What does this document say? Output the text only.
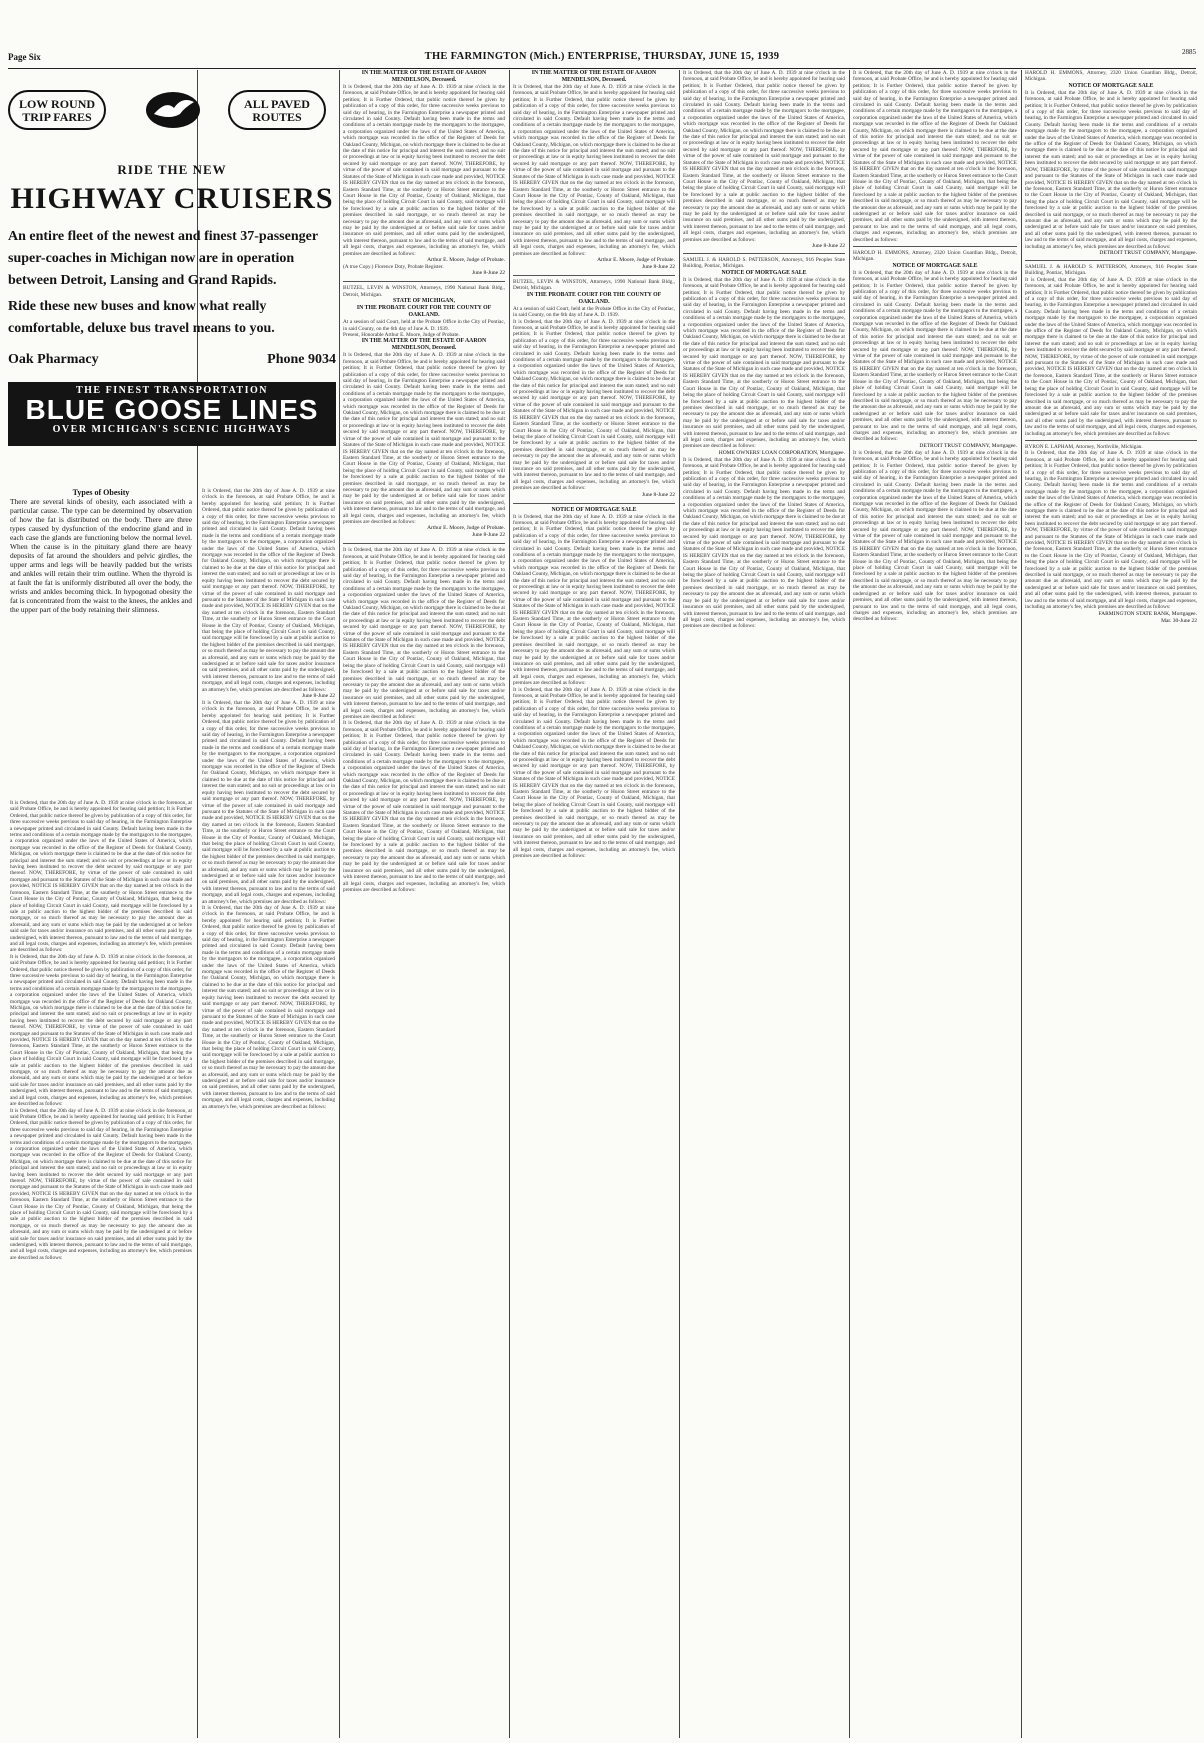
Page Six	THE FARMINGTON (Mich.) ENTERPRISE, THURSDAY, JUNE 15, 1939	2885
LOW ROUND TRIP FARES
ALL PAVED ROUTES
RIDE THE NEW
HIGHWAY CRUISERS
An entire fleet of the newest and finest 37-passenger super-coaches in Michigan now are in operation between Detroit, Lansing and Grand Rapids.
Ride these new buses and know what really comfortable, deluxe bus travel means to you.
Oak Pharmacy	Phone 9034
THE FINEST TRANSPORTATION
BLUE GOOSE LINES
OVER MICHIGAN'S SCENIC HIGHWAYS
Types of Obesity
There are several kinds of obesity, each associated with a particular cause. The type can be determined by observation of how the fat is distributed on the body. There are three types caused by dysfunction of the endocrine gland and in each case the glands are functioning below the normal level. When the cause is in the pituitary gland there are heavy deposits of fat around the shoulders and pelvic girdles, the upper arms and legs will be heavily padded but the wrists and ankles will retain their trim outline. When the thyroid is at fault the fat is uniformly distributed all over the body, the wrists and ankles becoming thick. In hypogonad obesity the fat is concentrated from the waist to the knees, the ankles and the upper part of the body retaining their slimness.
It is Ordered, that the 20th day of June A. D. 1939 at nine o'clock in the forenoon, at said Probate Office, be and is hereby appointed for hearing said petition; It is Further Ordered, that public notice thereof be given by publication of a copy of this order, for three successive weeks previous to said day of hearing, in the Farmington Enterprise a newspaper printed and circulated in said County. Default having been made in the terms and conditions of a certain mortgage made by the mortgagors to the mortgagee, a corporation organized under the laws of the United States of America, which mortgage was recorded in the office of the Register of Deeds for Oakland County, Michigan, on which mortgage there is claimed to be due at the date of this notice for principal and interest the sum stated; and no suit or proceedings at law or in equity having been instituted to recover the debt secured by said mortgage or any part thereof. NOW, THEREFORE, by virtue of the power of sale contained in said mortgage and pursuant to the Statutes of the State of Michigan in such case made and provided, NOTICE IS HEREBY GIVEN that on the day named at ten o'clock in the forenoon, Eastern Standard Time, at the southerly or Huron Street entrance to the Court House in the City of Pontiac, County of Oakland, Michigan, that being the place of holding Circuit Court in said County, said mortgage will be foreclosed by a sale at public auction to the highest bidder of the premises described in said mortgage, or so much thereof as may be necessary to pay the amount due as aforesaid, and any sum or sums which may be paid by the undersigned at or before said sale for taxes and/or insurance on said premises, and all other sums paid by the undersigned, with interest thereon, pursuant to law and to the terms of said mortgage, and all legal costs, charges and expenses, including an attorney's fee, which premises are described as follows:
It is Ordered, that the 20th day of June A. D. 1939 at nine o'clock in the forenoon, at said Probate Office, be and is hereby appointed for hearing said petition; It is Further Ordered, that public notice thereof be given by publication of a copy of this order, for three successive weeks previous to said day of hearing, in the Farmington Enterprise a newspaper printed and circulated in said County. Default having been made in the terms and conditions of a certain mortgage made by the mortgagors to the mortgagee, a corporation organized under the laws of the United States of America, which mortgage was recorded in the office of the Register of Deeds for Oakland County, Michigan, on which mortgage there is claimed to be due at the date of this notice for principal and interest the sum stated; and no suit or proceedings at law or in equity having been instituted to recover the debt secured by said mortgage or any part thereof. NOW, THEREFORE, by virtue of the power of sale contained in said mortgage and pursuant to the Statutes of the State of Michigan in such case made and provided, NOTICE IS HEREBY GIVEN that on the day named at ten o'clock in the forenoon, Eastern Standard Time, at the southerly or Huron Street entrance to the Court House in the City of Pontiac, County of Oakland, Michigan, that being the place of holding Circuit Court in said County, said mortgage will be foreclosed by a sale at public auction to the highest bidder of the premises described in said mortgage, or so much thereof as may be necessary to pay the amount due as aforesaid, and any sum or sums which may be paid by the undersigned at or before said sale for taxes and/or insurance on said premises, and all other sums paid by the undersigned, with interest thereon, pursuant to law and to the terms of said mortgage, and all legal costs, charges and expenses, including an attorney's fee, which premises are described as follows:
It is Ordered, that the 20th day of June A. D. 1939 at nine o'clock in the forenoon, at said Probate Office, be and is hereby appointed for hearing said petition; It is Further Ordered, that public notice thereof be given by publication of a copy of this order, for three successive weeks previous to said day of hearing, in the Farmington Enterprise a newspaper printed and circulated in said County. Default having been made in the terms and conditions of a certain mortgage made by the mortgagors to the mortgagee, a corporation organized under the laws of the United States of America, which mortgage was recorded in the office of the Register of Deeds for Oakland County, Michigan, on which mortgage there is claimed to be due at the date of this notice for principal and interest the sum stated; and no suit or proceedings at law or in equity having been instituted to recover the debt secured by said mortgage or any part thereof. NOW, THEREFORE, by virtue of the power of sale contained in said mortgage and pursuant to the Statutes of the State of Michigan in such case made and provided, NOTICE IS HEREBY GIVEN that on the day named at ten o'clock in the forenoon, Eastern Standard Time, at the southerly or Huron Street entrance to the Court House in the City of Pontiac, County of Oakland, Michigan, that being the place of holding Circuit Court in said County, said mortgage will be foreclosed by a sale at public auction to the highest bidder of the premises described in said mortgage, or so much thereof as may be necessary to pay the amount due as aforesaid, and any sum or sums which may be paid by the undersigned at or before said sale for taxes and/or insurance on said premises, and all other sums paid by the undersigned, with interest thereon, pursuant to law and to the terms of said mortgage, and all legal costs, charges and expenses, including an attorney's fee, which premises are described as follows:
It is Ordered, that the 20th day of June A. D. 1939 at nine o'clock in the forenoon, at said Probate Office, be and is hereby appointed for hearing said petition; It is Further Ordered, that public notice thereof be given by publication of a copy of this order, for three successive weeks previous to said day of hearing, in the Farmington Enterprise a newspaper printed and circulated in said County. Default having been made in the terms and conditions of a certain mortgage made by the mortgagors to the mortgagee, a corporation organized under the laws of the United States of America, which mortgage was recorded in the office of the Register of Deeds for Oakland County, Michigan, on which mortgage there is claimed to be due at the date of this notice for principal and interest the sum stated; and no suit or proceedings at law or in equity having been instituted to recover the debt secured by said mortgage or any part thereof. NOW, THEREFORE, by virtue of the power of sale contained in said mortgage and pursuant to the Statutes of the State of Michigan in such case made and provided, NOTICE IS HEREBY GIVEN that on the day named at ten o'clock in the forenoon, Eastern Standard Time, at the southerly or Huron Street entrance to the Court House in the City of Pontiac, County of Oakland, Michigan, that being the place of holding Circuit Court in said County, said mortgage will be foreclosed by a sale at public auction to the highest bidder of the premises described in said mortgage, or so much thereof as may be necessary to pay the amount due as aforesaid, and any sum or sums which may be paid by the undersigned at or before said sale for taxes and/or insurance on said premises, and all other sums paid by the undersigned, with interest thereon, pursuant to law and to the terms of said mortgage, and all legal costs, charges and expenses, including an attorney's fee, which premises are described as follows:
June 8-June 22
It is Ordered, that the 20th day of June A. D. 1939 at nine o'clock in the forenoon, at said Probate Office, be and is hereby appointed for hearing said petition; It is Further Ordered, that public notice thereof be given by publication of a copy of this order, for three successive weeks previous to said day of hearing, in the Farmington Enterprise a newspaper printed and circulated in said County. Default having been made in the terms and conditions of a certain mortgage made by the mortgagors to the mortgagee, a corporation organized under the laws of the United States of America, which mortgage was recorded in the office of the Register of Deeds for Oakland County, Michigan, on which mortgage there is claimed to be due at the date of this notice for principal and interest the sum stated; and no suit or proceedings at law or in equity having been instituted to recover the debt secured by said mortgage or any part thereof. NOW, THEREFORE, by virtue of the power of sale contained in said mortgage and pursuant to the Statutes of the State of Michigan in such case made and provided, NOTICE IS HEREBY GIVEN that on the day named at ten o'clock in the forenoon, Eastern Standard Time, at the southerly or Huron Street entrance to the Court House in the City of Pontiac, County of Oakland, Michigan, that being the place of holding Circuit Court in said County, said mortgage will be foreclosed by a sale at public auction to the highest bidder of the premises described in said mortgage, or so much thereof as may be necessary to pay the amount due as aforesaid, and any sum or sums which may be paid by the undersigned at or before said sale for taxes and/or insurance on said premises, and all other sums paid by the undersigned, with interest thereon, pursuant to law and to the terms of said mortgage, and all legal costs, charges and expenses, including an attorney's fee, which premises are described as follows:
It is Ordered, that the 20th day of June A. D. 1939 at nine o'clock in the forenoon, at said Probate Office, be and is hereby appointed for hearing said petition; It is Further Ordered, that public notice thereof be given by publication of a copy of this order, for three successive weeks previous to said day of hearing, in the Farmington Enterprise a newspaper printed and circulated in said County. Default having been made in the terms and conditions of a certain mortgage made by the mortgagors to the mortgagee, a corporation organized under the laws of the United States of America, which mortgage was recorded in the office of the Register of Deeds for Oakland County, Michigan, on which mortgage there is claimed to be due at the date of this notice for principal and interest the sum stated; and no suit or proceedings at law or in equity having been instituted to recover the debt secured by said mortgage or any part thereof. NOW, THEREFORE, by virtue of the power of sale contained in said mortgage and pursuant to the Statutes of the State of Michigan in such case made and provided, NOTICE IS HEREBY GIVEN that on the day named at ten o'clock in the forenoon, Eastern Standard Time, at the southerly or Huron Street entrance to the Court House in the City of Pontiac, County of Oakland, Michigan, that being the place of holding Circuit Court in said County, said mortgage will be foreclosed by a sale at public auction to the highest bidder of the premises described in said mortgage, or so much thereof as may be necessary to pay the amount due as aforesaid, and any sum or sums which may be paid by the undersigned at or before said sale for taxes and/or insurance on said premises, and all other sums paid by the undersigned, with interest thereon, pursuant to law and to the terms of said mortgage, and all legal costs, charges and expenses, including an attorney's fee, which premises are described as follows:
IN THE MATTER OF THE ESTATE OF AARON MENDELSON, Deceased.
It is Ordered, that the 20th day of June A. D. 1939 at nine o'clock in the forenoon, at said Probate Office, be and is hereby appointed for hearing said petition; It is Further Ordered, that public notice thereof be given by publication of a copy of this order, for three successive weeks previous to said day of hearing, in the Farmington Enterprise a newspaper printed and circulated in said County. Default having been made in the terms and conditions of a certain mortgage made by the mortgagors to the mortgagee, a corporation organized under the laws of the United States of America, which mortgage was recorded in the office of the Register of Deeds for Oakland County, Michigan, on which mortgage there is claimed to be due at the date of this notice for principal and interest the sum stated; and no suit or proceedings at law or in equity having been instituted to recover the debt secured by said mortgage or any part thereof. NOW, THEREFORE, by virtue of the power of sale contained in said mortgage and pursuant to the Statutes of the State of Michigan in such case made and provided, NOTICE IS HEREBY GIVEN that on the day named at ten o'clock in the forenoon, Eastern Standard Time, at the southerly or Huron Street entrance to the Court House in the City of Pontiac, County of Oakland, Michigan, that being the place of holding Circuit Court in said County, said mortgage will be foreclosed by a sale at public auction to the highest bidder of the premises described in said mortgage, or so much thereof as may be necessary to pay the amount due as aforesaid, and any sum or sums which may be paid by the undersigned at or before said sale for taxes and/or insurance on said premises, and all other sums paid by the undersigned, with interest thereon, pursuant to law and to the terms of said mortgage, and all legal costs, charges and expenses, including an attorney's fee, which premises are described as follows:
Arthur E. Moore, Judge of Probate.
(A true Copy.) Florence Doty, Probate Register.
June 8-June 22
BUTZEL, LEVIN & WINSTON, Attorneys, 1990 National Bank Bldg., Detroit, Michigan.
STATE OF MICHIGAN,
IN THE PROBATE COURT FOR THE COUNTY OF OAKLAND.
At a session of said Court, held at the Probate Office in the City of Pontiac, in said County, on the 6th day of June A. D. 1939.
Present, Honorable Arthur E. Moore, Judge of Probate.
IN THE MATTER OF THE ESTATE OF AARON MENDELSON, Deceased.
It is Ordered, that the 20th day of June A. D. 1939 at nine o'clock in the forenoon, at said Probate Office, be and is hereby appointed for hearing said petition; It is Further Ordered, that public notice thereof be given by publication of a copy of this order, for three successive weeks previous to said day of hearing, in the Farmington Enterprise a newspaper printed and circulated in said County. Default having been made in the terms and conditions of a certain mortgage made by the mortgagors to the mortgagee, a corporation organized under the laws of the United States of America, which mortgage was recorded in the office of the Register of Deeds for Oakland County, Michigan, on which mortgage there is claimed to be due at the date of this notice for principal and interest the sum stated; and no suit or proceedings at law or in equity having been instituted to recover the debt secured by said mortgage or any part thereof. NOW, THEREFORE, by virtue of the power of sale contained in said mortgage and pursuant to the Statutes of the State of Michigan in such case made and provided, NOTICE IS HEREBY GIVEN that on the day named at ten o'clock in the forenoon, Eastern Standard Time, at the southerly or Huron Street entrance to the Court House in the City of Pontiac, County of Oakland, Michigan, that being the place of holding Circuit Court in said County, said mortgage will be foreclosed by a sale at public auction to the highest bidder of the premises described in said mortgage, or so much thereof as may be necessary to pay the amount due as aforesaid, and any sum or sums which may be paid by the undersigned at or before said sale for taxes and/or insurance on said premises, and all other sums paid by the undersigned, with interest thereon, pursuant to law and to the terms of said mortgage, and all legal costs, charges and expenses, including an attorney's fee, which premises are described as follows:
Arthur E. Moore, Judge of Probate.
June 8-June 22
It is Ordered, that the 20th day of June A. D. 1939 at nine o'clock in the forenoon, at said Probate Office, be and is hereby appointed for hearing said petition; It is Further Ordered, that public notice thereof be given by publication of a copy of this order, for three successive weeks previous to said day of hearing, in the Farmington Enterprise a newspaper printed and circulated in said County. Default having been made in the terms and conditions of a certain mortgage made by the mortgagors to the mortgagee, a corporation organized under the laws of the United States of America, which mortgage was recorded in the office of the Register of Deeds for Oakland County, Michigan, on which mortgage there is claimed to be due at the date of this notice for principal and interest the sum stated; and no suit or proceedings at law or in equity having been instituted to recover the debt secured by said mortgage or any part thereof. NOW, THEREFORE, by virtue of the power of sale contained in said mortgage and pursuant to the Statutes of the State of Michigan in such case made and provided, NOTICE IS HEREBY GIVEN that on the day named at ten o'clock in the forenoon, Eastern Standard Time, at the southerly or Huron Street entrance to the Court House in the City of Pontiac, County of Oakland, Michigan, that being the place of holding Circuit Court in said County, said mortgage will be foreclosed by a sale at public auction to the highest bidder of the premises described in said mortgage, or so much thereof as may be necessary to pay the amount due as aforesaid, and any sum or sums which may be paid by the undersigned at or before said sale for taxes and/or insurance on said premises, and all other sums paid by the undersigned, with interest thereon, pursuant to law and to the terms of said mortgage, and all legal costs, charges and expenses, including an attorney's fee, which premises are described as follows:
It is Ordered, that the 20th day of June A. D. 1939 at nine o'clock in the forenoon, at said Probate Office, be and is hereby appointed for hearing said petition; It is Further Ordered, that public notice thereof be given by publication of a copy of this order, for three successive weeks previous to said day of hearing, in the Farmington Enterprise a newspaper printed and circulated in said County. Default having been made in the terms and conditions of a certain mortgage made by the mortgagors to the mortgagee, a corporation organized under the laws of the United States of America, which mortgage was recorded in the office of the Register of Deeds for Oakland County, Michigan, on which mortgage there is claimed to be due at the date of this notice for principal and interest the sum stated; and no suit or proceedings at law or in equity having been instituted to recover the debt secured by said mortgage or any part thereof. NOW, THEREFORE, by virtue of the power of sale contained in said mortgage and pursuant to the Statutes of the State of Michigan in such case made and provided, NOTICE IS HEREBY GIVEN that on the day named at ten o'clock in the forenoon, Eastern Standard Time, at the southerly or Huron Street entrance to the Court House in the City of Pontiac, County of Oakland, Michigan, that being the place of holding Circuit Court in said County, said mortgage will be foreclosed by a sale at public auction to the highest bidder of the premises described in said mortgage, or so much thereof as may be necessary to pay the amount due as aforesaid, and any sum or sums which may be paid by the undersigned at or before said sale for taxes and/or insurance on said premises, and all other sums paid by the undersigned, with interest thereon, pursuant to law and to the terms of said mortgage, and all legal costs, charges and expenses, including an attorney's fee, which premises are described as follows:
IN THE MATTER OF THE ESTATE OF AARON MENDELSON, Deceased.
It is Ordered, that the 20th day of June A. D. 1939 at nine o'clock in the forenoon, at said Probate Office, be and is hereby appointed for hearing said petition; It is Further Ordered, that public notice thereof be given by publication of a copy of this order, for three successive weeks previous to said day of hearing, in the Farmington Enterprise a newspaper printed and circulated in said County. Default having been made in the terms and conditions of a certain mortgage made by the mortgagors to the mortgagee, a corporation organized under the laws of the United States of America, which mortgage was recorded in the office of the Register of Deeds for Oakland County, Michigan, on which mortgage there is claimed to be due at the date of this notice for principal and interest the sum stated; and no suit or proceedings at law or in equity having been instituted to recover the debt secured by said mortgage or any part thereof. NOW, THEREFORE, by virtue of the power of sale contained in said mortgage and pursuant to the Statutes of the State of Michigan in such case made and provided, NOTICE IS HEREBY GIVEN that on the day named at ten o'clock in the forenoon, Eastern Standard Time, at the southerly or Huron Street entrance to the Court House in the City of Pontiac, County of Oakland, Michigan, that being the place of holding Circuit Court in said County, said mortgage will be foreclosed by a sale at public auction to the highest bidder of the premises described in said mortgage, or so much thereof as may be necessary to pay the amount due as aforesaid, and any sum or sums which may be paid by the undersigned at or before said sale for taxes and/or insurance on said premises, and all other sums paid by the undersigned, with interest thereon, pursuant to law and to the terms of said mortgage, and all legal costs, charges and expenses, including an attorney's fee, which premises are described as follows:
Arthur E. Moore, Judge of Probate.
June 8-June 22
BUTZEL, LEVIN & WINSTON, Attorneys, 1990 National Bank Bldg., Detroit, Michigan.
IN THE PROBATE COURT FOR THE COUNTY OF OAKLAND.
At a session of said Court, held at the Probate Office in the City of Pontiac, in said County, on the 6th day of June A. D. 1939.
It is Ordered, that the 20th day of June A. D. 1939 at nine o'clock in the forenoon, at said Probate Office, be and is hereby appointed for hearing said petition; It is Further Ordered, that public notice thereof be given by publication of a copy of this order, for three successive weeks previous to said day of hearing, in the Farmington Enterprise a newspaper printed and circulated in said County. Default having been made in the terms and conditions of a certain mortgage made by the mortgagors to the mortgagee, a corporation organized under the laws of the United States of America, which mortgage was recorded in the office of the Register of Deeds for Oakland County, Michigan, on which mortgage there is claimed to be due at the date of this notice for principal and interest the sum stated; and no suit or proceedings at law or in equity having been instituted to recover the debt secured by said mortgage or any part thereof. NOW, THEREFORE, by virtue of the power of sale contained in said mortgage and pursuant to the Statutes of the State of Michigan in such case made and provided, NOTICE IS HEREBY GIVEN that on the day named at ten o'clock in the forenoon, Eastern Standard Time, at the southerly or Huron Street entrance to the Court House in the City of Pontiac, County of Oakland, Michigan, that being the place of holding Circuit Court in said County, said mortgage will be foreclosed by a sale at public auction to the highest bidder of the premises described in said mortgage, or so much thereof as may be necessary to pay the amount due as aforesaid, and any sum or sums which may be paid by the undersigned at or before said sale for taxes and/or insurance on said premises, and all other sums paid by the undersigned, with interest thereon, pursuant to law and to the terms of said mortgage, and all legal costs, charges and expenses, including an attorney's fee, which premises are described as follows:
June 8-June 22
NOTICE OF MORTGAGE SALE
It is Ordered, that the 20th day of June A. D. 1939 at nine o'clock in the forenoon, at said Probate Office, be and is hereby appointed for hearing said petition; It is Further Ordered, that public notice thereof be given by publication of a copy of this order, for three successive weeks previous to said day of hearing, in the Farmington Enterprise a newspaper printed and circulated in said County. Default having been made in the terms and conditions of a certain mortgage made by the mortgagors to the mortgagee, a corporation organized under the laws of the United States of America, which mortgage was recorded in the office of the Register of Deeds for Oakland County, Michigan, on which mortgage there is claimed to be due at the date of this notice for principal and interest the sum stated; and no suit or proceedings at law or in equity having been instituted to recover the debt secured by said mortgage or any part thereof. NOW, THEREFORE, by virtue of the power of sale contained in said mortgage and pursuant to the Statutes of the State of Michigan in such case made and provided, NOTICE IS HEREBY GIVEN that on the day named at ten o'clock in the forenoon, Eastern Standard Time, at the southerly or Huron Street entrance to the Court House in the City of Pontiac, County of Oakland, Michigan, that being the place of holding Circuit Court in said County, said mortgage will be foreclosed by a sale at public auction to the highest bidder of the premises described in said mortgage, or so much thereof as may be necessary to pay the amount due as aforesaid, and any sum or sums which may be paid by the undersigned at or before said sale for taxes and/or insurance on said premises, and all other sums paid by the undersigned, with interest thereon, pursuant to law and to the terms of said mortgage, and all legal costs, charges and expenses, including an attorney's fee, which premises are described as follows:
It is Ordered, that the 20th day of June A. D. 1939 at nine o'clock in the forenoon, at said Probate Office, be and is hereby appointed for hearing said petition; It is Further Ordered, that public notice thereof be given by publication of a copy of this order, for three successive weeks previous to said day of hearing, in the Farmington Enterprise a newspaper printed and circulated in said County. Default having been made in the terms and conditions of a certain mortgage made by the mortgagors to the mortgagee, a corporation organized under the laws of the United States of America, which mortgage was recorded in the office of the Register of Deeds for Oakland County, Michigan, on which mortgage there is claimed to be due at the date of this notice for principal and interest the sum stated; and no suit or proceedings at law or in equity having been instituted to recover the debt secured by said mortgage or any part thereof. NOW, THEREFORE, by virtue of the power of sale contained in said mortgage and pursuant to the Statutes of the State of Michigan in such case made and provided, NOTICE IS HEREBY GIVEN that on the day named at ten o'clock in the forenoon, Eastern Standard Time, at the southerly or Huron Street entrance to the Court House in the City of Pontiac, County of Oakland, Michigan, that being the place of holding Circuit Court in said County, said mortgage will be foreclosed by a sale at public auction to the highest bidder of the premises described in said mortgage, or so much thereof as may be necessary to pay the amount due as aforesaid, and any sum or sums which may be paid by the undersigned at or before said sale for taxes and/or insurance on said premises, and all other sums paid by the undersigned, with interest thereon, pursuant to law and to the terms of said mortgage, and all legal costs, charges and expenses, including an attorney's fee, which premises are described as follows:
It is Ordered, that the 20th day of June A. D. 1939 at nine o'clock in the forenoon, at said Probate Office, be and is hereby appointed for hearing said petition; It is Further Ordered, that public notice thereof be given by publication of a copy of this order, for three successive weeks previous to said day of hearing, in the Farmington Enterprise a newspaper printed and circulated in said County. Default having been made in the terms and conditions of a certain mortgage made by the mortgagors to the mortgagee, a corporation organized under the laws of the United States of America, which mortgage was recorded in the office of the Register of Deeds for Oakland County, Michigan, on which mortgage there is claimed to be due at the date of this notice for principal and interest the sum stated; and no suit or proceedings at law or in equity having been instituted to recover the debt secured by said mortgage or any part thereof. NOW, THEREFORE, by virtue of the power of sale contained in said mortgage and pursuant to the Statutes of the State of Michigan in such case made and provided, NOTICE IS HEREBY GIVEN that on the day named at ten o'clock in the forenoon, Eastern Standard Time, at the southerly or Huron Street entrance to the Court House in the City of Pontiac, County of Oakland, Michigan, that being the place of holding Circuit Court in said County, said mortgage will be foreclosed by a sale at public auction to the highest bidder of the premises described in said mortgage, or so much thereof as may be necessary to pay the amount due as aforesaid, and any sum or sums which may be paid by the undersigned at or before said sale for taxes and/or insurance on said premises, and all other sums paid by the undersigned, with interest thereon, pursuant to law and to the terms of said mortgage, and all legal costs, charges and expenses, including an attorney's fee, which premises are described as follows:
June 8-June 22
SAMUEL J. & HAROLD S. PATTERSON, Attorneys, 916 Peoples State Building, Pontiac, Michigan.
NOTICE OF MORTGAGE SALE
It is Ordered, that the 20th day of June A. D. 1939 at nine o'clock in the forenoon, at said Probate Office, be and is hereby appointed for hearing said petition; It is Further Ordered, that public notice thereof be given by publication of a copy of this order, for three successive weeks previous to said day of hearing, in the Farmington Enterprise a newspaper printed and circulated in said County. Default having been made in the terms and conditions of a certain mortgage made by the mortgagors to the mortgagee, a corporation organized under the laws of the United States of America, which mortgage was recorded in the office of the Register of Deeds for Oakland County, Michigan, on which mortgage there is claimed to be due at the date of this notice for principal and interest the sum stated; and no suit or proceedings at law or in equity having been instituted to recover the debt secured by said mortgage or any part thereof. NOW, THEREFORE, by virtue of the power of sale contained in said mortgage and pursuant to the Statutes of the State of Michigan in such case made and provided, NOTICE IS HEREBY GIVEN that on the day named at ten o'clock in the forenoon, Eastern Standard Time, at the southerly or Huron Street entrance to the Court House in the City of Pontiac, County of Oakland, Michigan, that being the place of holding Circuit Court in said County, said mortgage will be foreclosed by a sale at public auction to the highest bidder of the premises described in said mortgage, or so much thereof as may be necessary to pay the amount due as aforesaid, and any sum or sums which may be paid by the undersigned at or before said sale for taxes and/or insurance on said premises, and all other sums paid by the undersigned, with interest thereon, pursuant to law and to the terms of said mortgage, and all legal costs, charges and expenses, including an attorney's fee, which premises are described as follows:
HOME OWNERS' LOAN CORPORATION, Mortgagee.
It is Ordered, that the 20th day of June A. D. 1939 at nine o'clock in the forenoon, at said Probate Office, be and is hereby appointed for hearing said petition; It is Further Ordered, that public notice thereof be given by publication of a copy of this order, for three successive weeks previous to said day of hearing, in the Farmington Enterprise a newspaper printed and circulated in said County. Default having been made in the terms and conditions of a certain mortgage made by the mortgagors to the mortgagee, a corporation organized under the laws of the United States of America, which mortgage was recorded in the office of the Register of Deeds for Oakland County, Michigan, on which mortgage there is claimed to be due at the date of this notice for principal and interest the sum stated; and no suit or proceedings at law or in equity having been instituted to recover the debt secured by said mortgage or any part thereof. NOW, THEREFORE, by virtue of the power of sale contained in said mortgage and pursuant to the Statutes of the State of Michigan in such case made and provided, NOTICE IS HEREBY GIVEN that on the day named at ten o'clock in the forenoon, Eastern Standard Time, at the southerly or Huron Street entrance to the Court House in the City of Pontiac, County of Oakland, Michigan, that being the place of holding Circuit Court in said County, said mortgage will be foreclosed by a sale at public auction to the highest bidder of the premises described in said mortgage, or so much thereof as may be necessary to pay the amount due as aforesaid, and any sum or sums which may be paid by the undersigned at or before said sale for taxes and/or insurance on said premises, and all other sums paid by the undersigned, with interest thereon, pursuant to law and to the terms of said mortgage, and all legal costs, charges and expenses, including an attorney's fee, which premises are described as follows:
It is Ordered, that the 20th day of June A. D. 1939 at nine o'clock in the forenoon, at said Probate Office, be and is hereby appointed for hearing said petition; It is Further Ordered, that public notice thereof be given by publication of a copy of this order, for three successive weeks previous to said day of hearing, in the Farmington Enterprise a newspaper printed and circulated in said County. Default having been made in the terms and conditions of a certain mortgage made by the mortgagors to the mortgagee, a corporation organized under the laws of the United States of America, which mortgage was recorded in the office of the Register of Deeds for Oakland County, Michigan, on which mortgage there is claimed to be due at the date of this notice for principal and interest the sum stated; and no suit or proceedings at law or in equity having been instituted to recover the debt secured by said mortgage or any part thereof. NOW, THEREFORE, by virtue of the power of sale contained in said mortgage and pursuant to the Statutes of the State of Michigan in such case made and provided, NOTICE IS HEREBY GIVEN that on the day named at ten o'clock in the forenoon, Eastern Standard Time, at the southerly or Huron Street entrance to the Court House in the City of Pontiac, County of Oakland, Michigan, that being the place of holding Circuit Court in said County, said mortgage will be foreclosed by a sale at public auction to the highest bidder of the premises described in said mortgage, or so much thereof as may be necessary to pay the amount due as aforesaid, and any sum or sums which may be paid by the undersigned at or before said sale for taxes and/or insurance on said premises, and all other sums paid by the undersigned, with interest thereon, pursuant to law and to the terms of said mortgage, and all legal costs, charges and expenses, including an attorney's fee, which premises are described as follows:
HAROLD H. EMMONS, Attorney, 2320 Union Guardian Bldg., Detroit, Michigan.
NOTICE OF MORTGAGE SALE
It is Ordered, that the 20th day of June A. D. 1939 at nine o'clock in the forenoon, at said Probate Office, be and is hereby appointed for hearing said petition; It is Further Ordered, that public notice thereof be given by publication of a copy of this order, for three successive weeks previous to said day of hearing, in the Farmington Enterprise a newspaper printed and circulated in said County. Default having been made in the terms and conditions of a certain mortgage made by the mortgagors to the mortgagee, a corporation organized under the laws of the United States of America, which mortgage was recorded in the office of the Register of Deeds for Oakland County, Michigan, on which mortgage there is claimed to be due at the date of this notice for principal and interest the sum stated; and no suit or proceedings at law or in equity having been instituted to recover the debt secured by said mortgage or any part thereof. NOW, THEREFORE, by virtue of the power of sale contained in said mortgage and pursuant to the Statutes of the State of Michigan in such case made and provided, NOTICE IS HEREBY GIVEN that on the day named at ten o'clock in the forenoon, Eastern Standard Time, at the southerly or Huron Street entrance to the Court House in the City of Pontiac, County of Oakland, Michigan, that being the place of holding Circuit Court in said County, said mortgage will be foreclosed by a sale at public auction to the highest bidder of the premises described in said mortgage, or so much thereof as may be necessary to pay the amount due as aforesaid, and any sum or sums which may be paid by the undersigned at or before said sale for taxes and/or insurance on said premises, and all other sums paid by the undersigned, with interest thereon, pursuant to law and to the terms of said mortgage, and all legal costs, charges and expenses, including an attorney's fee, which premises are described as follows:
DETROIT TRUST COMPANY, Mortgagee.
It is Ordered, that the 20th day of June A. D. 1939 at nine o'clock in the forenoon, at said Probate Office, be and is hereby appointed for hearing said petition; It is Further Ordered, that public notice thereof be given by publication of a copy of this order, for three successive weeks previous to said day of hearing, in the Farmington Enterprise a newspaper printed and circulated in said County. Default having been made in the terms and conditions of a certain mortgage made by the mortgagors to the mortgagee, a corporation organized under the laws of the United States of America, which mortgage was recorded in the office of the Register of Deeds for Oakland County, Michigan, on which mortgage there is claimed to be due at the date of this notice for principal and interest the sum stated; and no suit or proceedings at law or in equity having been instituted to recover the debt secured by said mortgage or any part thereof. NOW, THEREFORE, by virtue of the power of sale contained in said mortgage and pursuant to the Statutes of the State of Michigan in such case made and provided, NOTICE IS HEREBY GIVEN that on the day named at ten o'clock in the forenoon, Eastern Standard Time, at the southerly or Huron Street entrance to the Court House in the City of Pontiac, County of Oakland, Michigan, that being the place of holding Circuit Court in said County, said mortgage will be foreclosed by a sale at public auction to the highest bidder of the premises described in said mortgage, or so much thereof as may be necessary to pay the amount due as aforesaid, and any sum or sums which may be paid by the undersigned at or before said sale for taxes and/or insurance on said premises, and all other sums paid by the undersigned, with interest thereon, pursuant to law and to the terms of said mortgage, and all legal costs, charges and expenses, including an attorney's fee, which premises are described as follows:
HAROLD H. EMMONS, Attorney, 2320 Union Guardian Bldg., Detroit, Michigan.
NOTICE OF MORTGAGE SALE
It is Ordered, that the 20th day of June A. D. 1939 at nine o'clock in the forenoon, at said Probate Office, be and is hereby appointed for hearing said petition; It is Further Ordered, that public notice thereof be given by publication of a copy of this order, for three successive weeks previous to said day of hearing, in the Farmington Enterprise a newspaper printed and circulated in said County. Default having been made in the terms and conditions of a certain mortgage made by the mortgagors to the mortgagee, a corporation organized under the laws of the United States of America, which mortgage was recorded in the office of the Register of Deeds for Oakland County, Michigan, on which mortgage there is claimed to be due at the date of this notice for principal and interest the sum stated; and no suit or proceedings at law or in equity having been instituted to recover the debt secured by said mortgage or any part thereof. NOW, THEREFORE, by virtue of the power of sale contained in said mortgage and pursuant to the Statutes of the State of Michigan in such case made and provided, NOTICE IS HEREBY GIVEN that on the day named at ten o'clock in the forenoon, Eastern Standard Time, at the southerly or Huron Street entrance to the Court House in the City of Pontiac, County of Oakland, Michigan, that being the place of holding Circuit Court in said County, said mortgage will be foreclosed by a sale at public auction to the highest bidder of the premises described in said mortgage, or so much thereof as may be necessary to pay the amount due as aforesaid, and any sum or sums which may be paid by the undersigned at or before said sale for taxes and/or insurance on said premises, and all other sums paid by the undersigned, with interest thereon, pursuant to law and to the terms of said mortgage, and all legal costs, charges and expenses, including an attorney's fee, which premises are described as follows:
DETROIT TRUST COMPANY, Mortgagee.
SAMUEL J. & HAROLD S. PATTERSON, Attorneys, 916 Peoples State Building, Pontiac, Michigan.
It is Ordered, that the 20th day of June A. D. 1939 at nine o'clock in the forenoon, at said Probate Office, be and is hereby appointed for hearing said petition; It is Further Ordered, that public notice thereof be given by publication of a copy of this order, for three successive weeks previous to said day of hearing, in the Farmington Enterprise a newspaper printed and circulated in said County. Default having been made in the terms and conditions of a certain mortgage made by the mortgagors to the mortgagee, a corporation organized under the laws of the United States of America, which mortgage was recorded in the office of the Register of Deeds for Oakland County, Michigan, on which mortgage there is claimed to be due at the date of this notice for principal and interest the sum stated; and no suit or proceedings at law or in equity having been instituted to recover the debt secured by said mortgage or any part thereof. NOW, THEREFORE, by virtue of the power of sale contained in said mortgage and pursuant to the Statutes of the State of Michigan in such case made and provided, NOTICE IS HEREBY GIVEN that on the day named at ten o'clock in the forenoon, Eastern Standard Time, at the southerly or Huron Street entrance to the Court House in the City of Pontiac, County of Oakland, Michigan, that being the place of holding Circuit Court in said County, said mortgage will be foreclosed by a sale at public auction to the highest bidder of the premises described in said mortgage, or so much thereof as may be necessary to pay the amount due as aforesaid, and any sum or sums which may be paid by the undersigned at or before said sale for taxes and/or insurance on said premises, and all other sums paid by the undersigned, with interest thereon, pursuant to law and to the terms of said mortgage, and all legal costs, charges and expenses, including an attorney's fee, which premises are described as follows:
BYRON E. LAPHAM, Attorney, Northville, Michigan.
It is Ordered, that the 20th day of June A. D. 1939 at nine o'clock in the forenoon, at said Probate Office, be and is hereby appointed for hearing said petition; It is Further Ordered, that public notice thereof be given by publication of a copy of this order, for three successive weeks previous to said day of hearing, in the Farmington Enterprise a newspaper printed and circulated in said County. Default having been made in the terms and conditions of a certain mortgage made by the mortgagors to the mortgagee, a corporation organized under the laws of the United States of America, which mortgage was recorded in the office of the Register of Deeds for Oakland County, Michigan, on which mortgage there is claimed to be due at the date of this notice for principal and interest the sum stated; and no suit or proceedings at law or in equity having been instituted to recover the debt secured by said mortgage or any part thereof. NOW, THEREFORE, by virtue of the power of sale contained in said mortgage and pursuant to the Statutes of the State of Michigan in such case made and provided, NOTICE IS HEREBY GIVEN that on the day named at ten o'clock in the forenoon, Eastern Standard Time, at the southerly or Huron Street entrance to the Court House in the City of Pontiac, County of Oakland, Michigan, that being the place of holding Circuit Court in said County, said mortgage will be foreclosed by a sale at public auction to the highest bidder of the premises described in said mortgage, or so much thereof as may be necessary to pay the amount due as aforesaid, and any sum or sums which may be paid by the undersigned at or before said sale for taxes and/or insurance on said premises, and all other sums paid by the undersigned, with interest thereon, pursuant to law and to the terms of said mortgage, and all legal costs, charges and expenses, including an attorney's fee, which premises are described as follows:
FARMINGTON STATE BANK, Mortgagee.
Mar. 30-June 22
